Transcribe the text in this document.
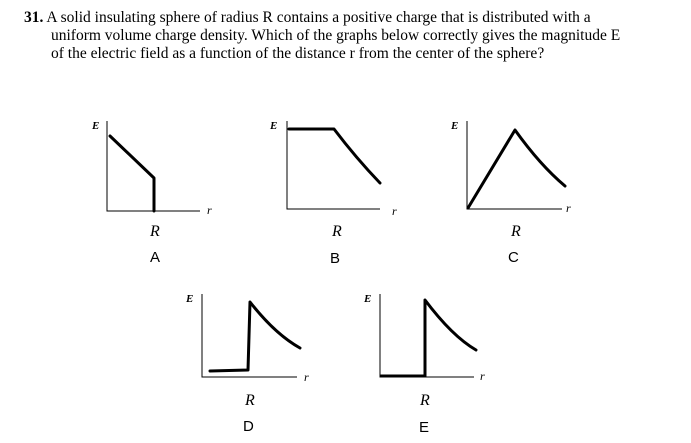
31. A solid insulating sphere of radius R contains a positive charge that is distributed with a
uniform volume charge density. Which of the graphs below correctly gives the magnitude E
of the electric field as a function of the distance r from the center of the sphere?
E
r
R
A
E
r
R
B
E
r
R
C
E
r
R
D
E
r
R
E
